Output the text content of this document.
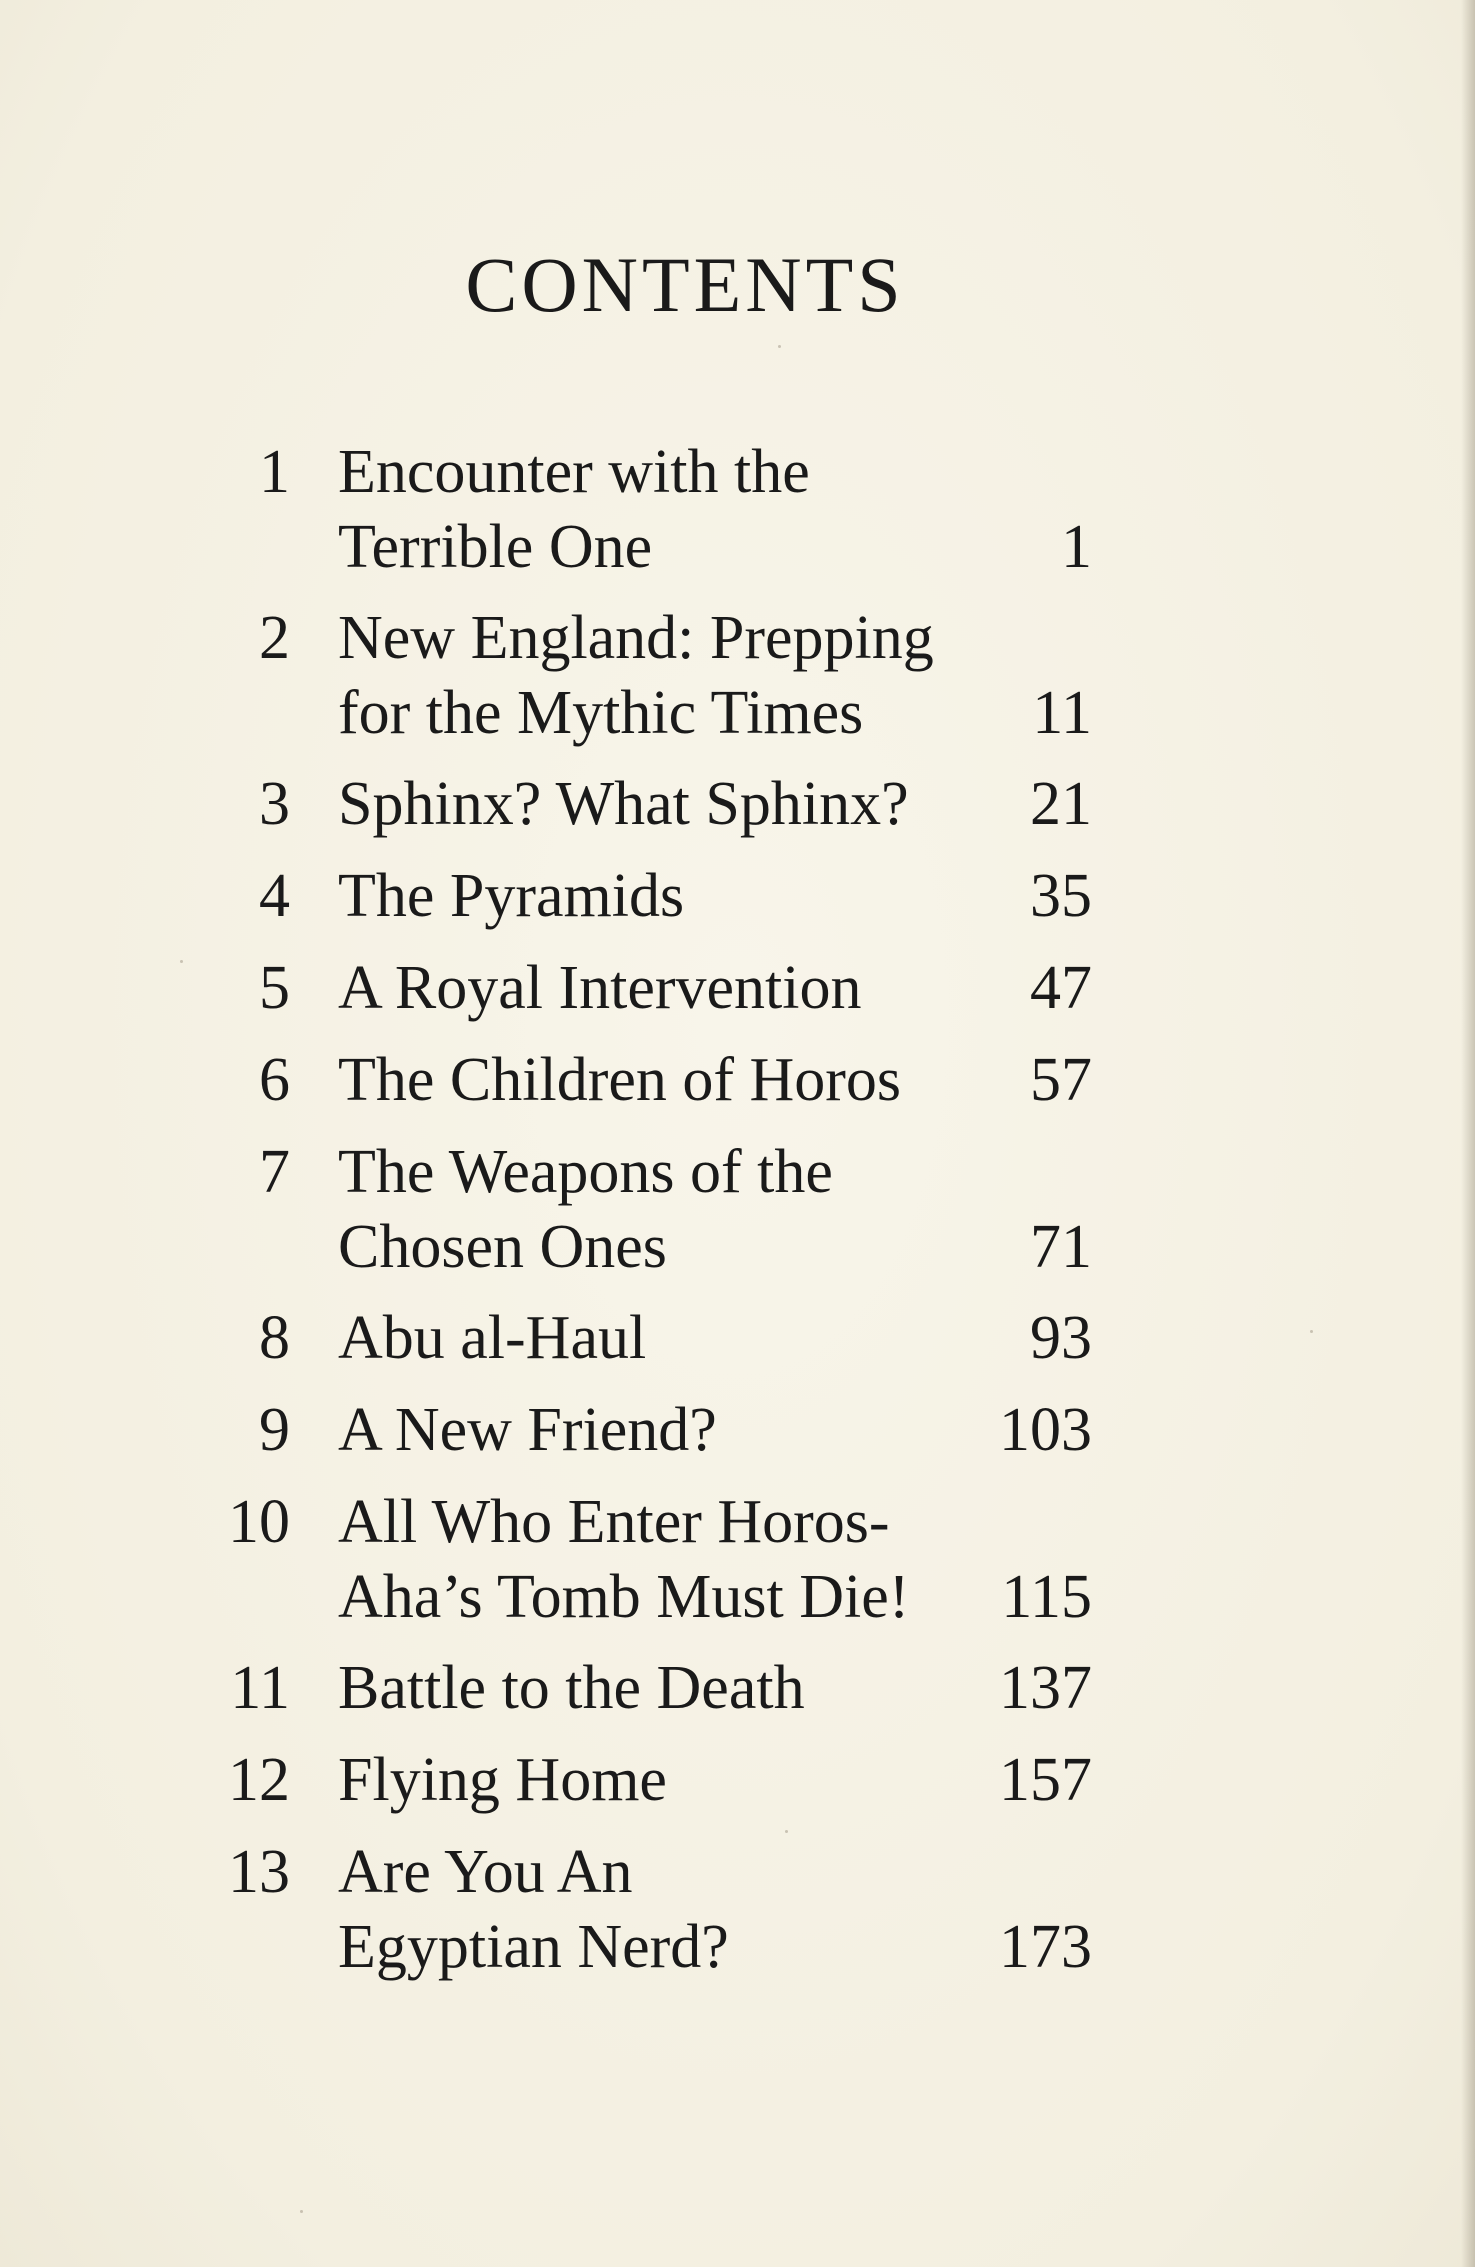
CONTENTS
1 Encounter with the
Terrible One	1
2 New England: Prepping
for the Mythic Times	11
3 Sphinx? What Sphinx?	21
4 The Pyramids	35
5 A Royal Intervention	47
6 The Children of Horos	57
7 The Weapons of the
Chosen Ones	71
8 Abu al-Haul	93
9 A New Friend?	103
10 All Who Enter Horos-
Aha’s Tomb Must Die!	115
11 Battle to the Death	137
12 Flying Home	157
13 Are You An
Egyptian Nerd?	173
